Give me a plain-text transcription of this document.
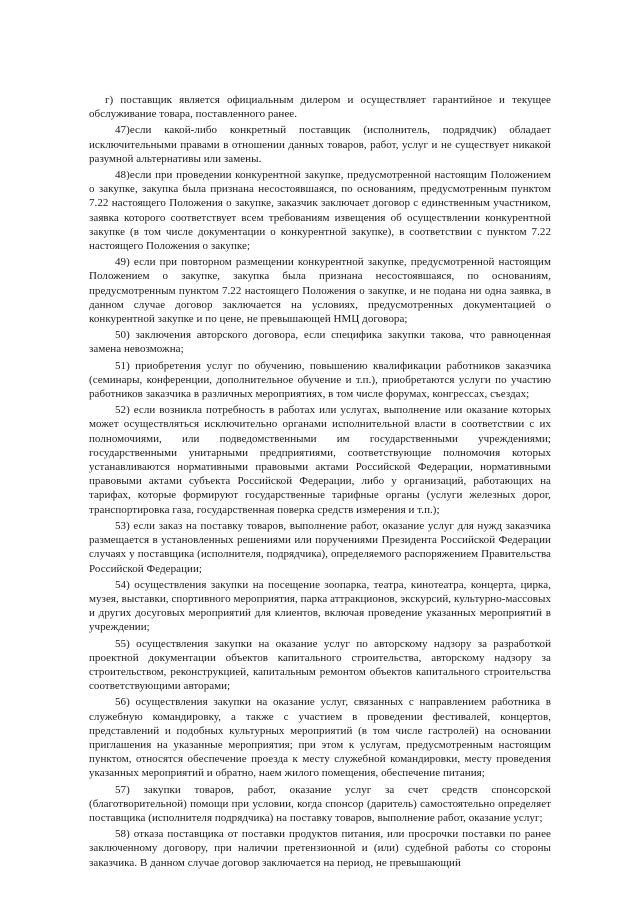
г) поставщик является официальным дилером и осуществляет гарантийное и текущее обслуживание товара, поставленного ранее.

47)если какой-либо конкретный поставщик (исполнитель, подрядчик) обладает исключительными правами в отношении данных товаров, работ, услуг и не существует никакой разумной альтернативы или замены.

48)если при проведении конкурентной закупке, предусмотренной настоящим Положением о закупке, закупка была признана несостоявшаяся, по основаниям, предусмотренным пунктом 7.22 настоящего Положения о закупке, заказчик заключает договор с единственным участником, заявка которого соответствует всем требованиям извещения об осуществлении конкурентной закупке (в том числе документации о конкурентной закупке), в соответствии с пунктом 7.22 настоящего Положения о закупке;

49) если при повторном размещении конкурентной закупке, предусмотренной настоящим Положением о закупке, закупка была признана несостоявшаяся, по основаниям, предусмотренным пунктом 7.22 настоящего Положения о закупке, и не подана ни одна заявка, в данном случае договор заключается на условиях, предусмотренных документацией о конкурентной закупке и по цене, не превышающей НМЦ договора;

50) заключения авторского договора, если специфика закупки такова, что равноценная замена невозможна;

51) приобретения услуг по обучению, повышению квалификации работников заказчика (семинары, конференции, дополнительное обучение и т.п.), приобретаются услуги по участию работников заказчика в различных мероприятиях, в том числе форумах, конгрессах, съездах;

52) если возникла потребность в работах или услугах, выполнение или оказание которых может осуществляться исключительно органами исполнительной власти в соответствии с их полномочиями, или подведомственными им государственными учреждениями; государственными унитарными предприятиями, соответствующие полномочия которых устанавливаются нормативными правовыми актами Российской Федерации, нормативными правовыми актами субъекта Российской Федерации, либо у организаций, работающих на тарифах, которые формируют государственные тарифные органы (услуги железных дорог, транспортировка газа, государственная поверка средств измерения и т.п.);

53) если заказ на поставку товаров, выполнение работ, оказание услуг для нужд заказчика размещается в установленных решениями или поручениями Президента Российской Федерации случаях у поставщика (исполнителя, подрядчика), определяемого распоряжением Правительства Российской Федерации;

54) осуществления закупки на посещение зоопарка, театра, кинотеатра, концерта, цирка, музея, выставки, спортивного мероприятия, парка аттракционов, экскурсий, культурно-массовых и других досуговых мероприятий для клиентов, включая проведение указанных мероприятий в учреждении;

55) осуществления закупки на оказание услуг по авторскому надзору за разработкой проектной документации объектов капитального строительства, авторскому надзору за строительством, реконструкцией, капитальным ремонтом объектов капитального строительства соответствующими авторами;

56) осуществления закупки на оказание услуг, связанных с направлением работника в служебную командировку, а также с участием в проведении фестивалей, концертов, представлений и подобных культурных мероприятий (в том числе гастролей) на основании приглашения на указанные мероприятия; при этом к услугам, предусмотренным настоящим пунктом, относятся обеспечение проезда к месту служебной командировки, месту проведения указанных мероприятий и обратно, наем жилого помещения, обеспечение питания;

57) закупки товаров, работ, оказание услуг за счет средств спонсорской (благотворительной) помощи при условии, когда спонсор (даритель) самостоятельно определяет поставщика (исполнителя подрядчика) на поставку товаров, выполнение работ, оказание услуг;

58) отказа поставщика от поставки продуктов питания, или просрочки поставки по ранее заключенному договору, при наличии претензионной и (или) судебной работы со стороны заказчика. В данном случае договор заключается на период, не превышающий
